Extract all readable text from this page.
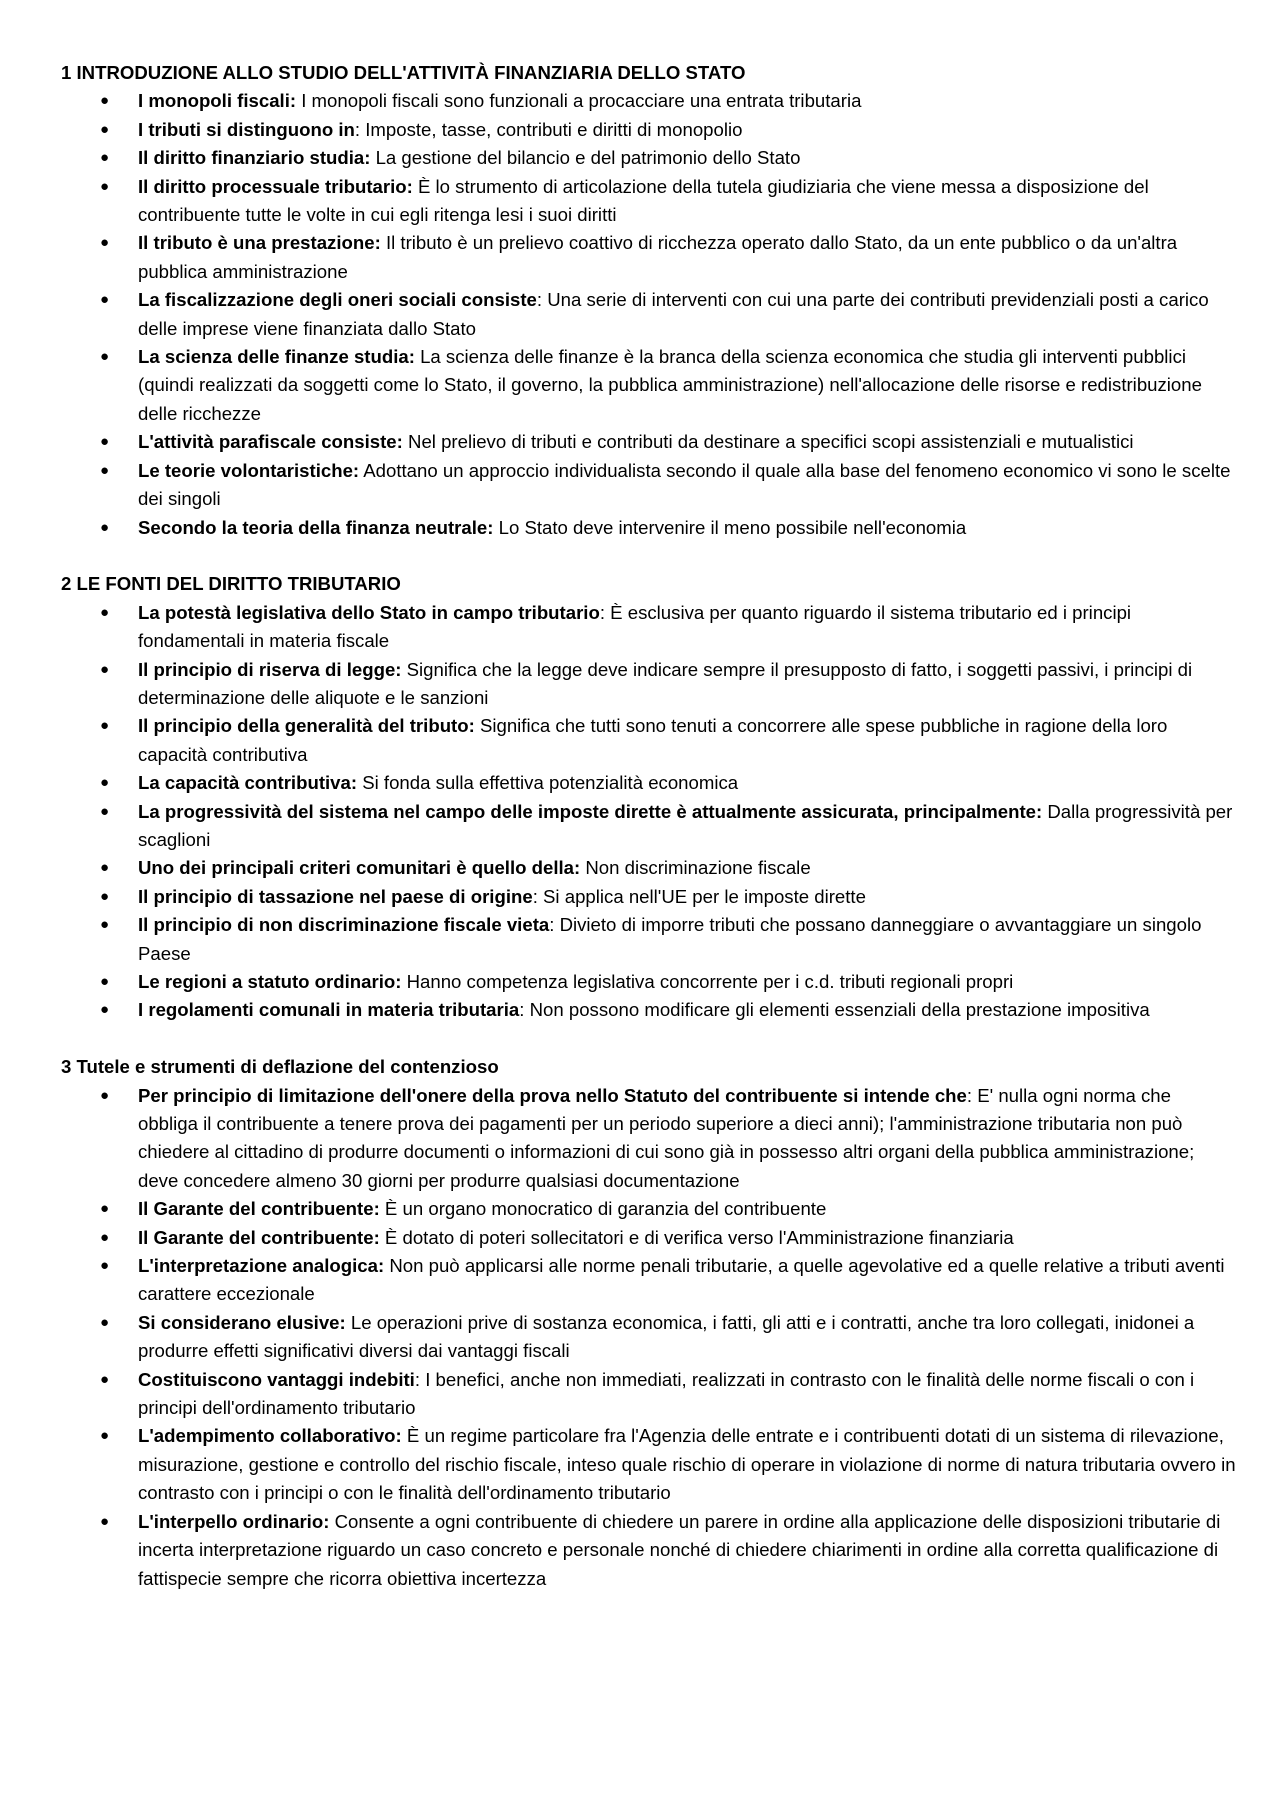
1 INTRODUZIONE ALLO STUDIO DELL'ATTIVITÀ FINANZIARIA DELLO STATO

● I monopoli fiscali: I monopoli fiscali sono funzionali a procacciare una entrata tributaria
● I tributi si distinguono in: Imposte, tasse, contributi e diritti di monopolio
● Il diritto finanziario studia: La gestione del bilancio e del patrimonio dello Stato
● Il diritto processuale tributario: È lo strumento di articolazione della tutela giudiziaria che viene messa a disposizione del contribuente tutte le volte in cui egli ritenga lesi i suoi diritti
● Il tributo è una prestazione: Il tributo è un prelievo coattivo di ricchezza operato dallo Stato, da un ente pubblico o da un'altra pubblica amministrazione
● La fiscalizzazione degli oneri sociali consiste: Una serie di interventi con cui una parte dei contributi previdenziali posti a carico delle imprese viene finanziata dallo Stato
● La scienza delle finanze studia: La scienza delle finanze è la branca della scienza economica che studia gli interventi pubblici (quindi realizzati da soggetti come lo Stato, il governo, la pubblica amministrazione) nell'allocazione delle risorse e redistribuzione delle ricchezze
● L'attività parafiscale consiste: Nel prelievo di tributi e contributi da destinare a specifici scopi assistenziali e mutualistici
● Le teorie volontaristiche: Adottano un approccio individualista secondo il quale alla base del fenomeno economico vi sono le scelte dei singoli
● Secondo la teoria della finanza neutrale: Lo Stato deve intervenire il meno possibile nell'economia

2 LE FONTI DEL DIRITTO TRIBUTARIO

● La potestà legislativa dello Stato in campo tributario: È esclusiva per quanto riguardo il sistema tributario ed i principi fondamentali in materia fiscale
● Il principio di riserva di legge: Significa che la legge deve indicare sempre il presupposto di fatto, i soggetti passivi, i principi di determinazione delle aliquote e le sanzioni
● Il principio della generalità del tributo: Significa che tutti sono tenuti a concorrere alle spese pubbliche in ragione della loro capacità contributiva
● La capacità contributiva: Si fonda sulla effettiva potenzialità economica
● La progressività del sistema nel campo delle imposte dirette è attualmente assicurata, principalmente: Dalla progressività per scaglioni
● Uno dei principali criteri comunitari è quello della: Non discriminazione fiscale
● Il principio di tassazione nel paese di origine: Si applica nell'UE per le imposte dirette
● Il principio di non discriminazione fiscale vieta: Divieto di imporre tributi che possano danneggiare o avvantaggiare un singolo Paese
● Le regioni a statuto ordinario: Hanno competenza legislativa concorrente per i c.d. tributi regionali propri
● I regolamenti comunali in materia tributaria: Non possono modificare gli elementi essenziali della prestazione impositiva

3 Tutele e strumenti di deflazione del contenzioso

● Per principio di limitazione dell'onere della prova nello Statuto del contribuente si intende che: E' nulla ogni norma che obbliga il contribuente a tenere prova dei pagamenti per un periodo superiore a dieci anni); l'amministrazione tributaria non può chiedere al cittadino di produrre documenti o informazioni di cui sono già in possesso altri organi della pubblica amministrazione; deve concedere almeno 30 giorni per produrre qualsiasi documentazione
● Il Garante del contribuente: È un organo monocratico di garanzia del contribuente
● Il Garante del contribuente: È dotato di poteri sollecitatori e di verifica verso l'Amministrazione finanziaria
● L'interpretazione analogica: Non può applicarsi alle norme penali tributarie, a quelle agevolative ed a quelle relative a tributi aventi carattere eccezionale
● Si considerano elusive: Le operazioni prive di sostanza economica, i fatti, gli atti e i contratti, anche tra loro collegati, inidonei a produrre effetti significativi diversi dai vantaggi fiscali
● Costituiscono vantaggi indebiti: I benefici, anche non immediati, realizzati in contrasto con le finalità delle norme fiscali o con i principi dell'ordinamento tributario
● L'adempimento collaborativo: È un regime particolare fra l'Agenzia delle entrate e i contribuenti dotati di un sistema di rilevazione, misurazione, gestione e controllo del rischio fiscale, inteso quale rischio di operare in violazione di norme di natura tributaria ovvero in contrasto con i principi o con le finalità dell'ordinamento tributario
● L'interpello ordinario: Consente a ogni contribuente di chiedere un parere in ordine alla applicazione delle disposizioni tributarie di incerta interpretazione riguardo un caso concreto e personale nonché di chiedere chiarimenti in ordine alla corretta qualificazione di fattispecie sempre che ricorra obiettiva incertezza
